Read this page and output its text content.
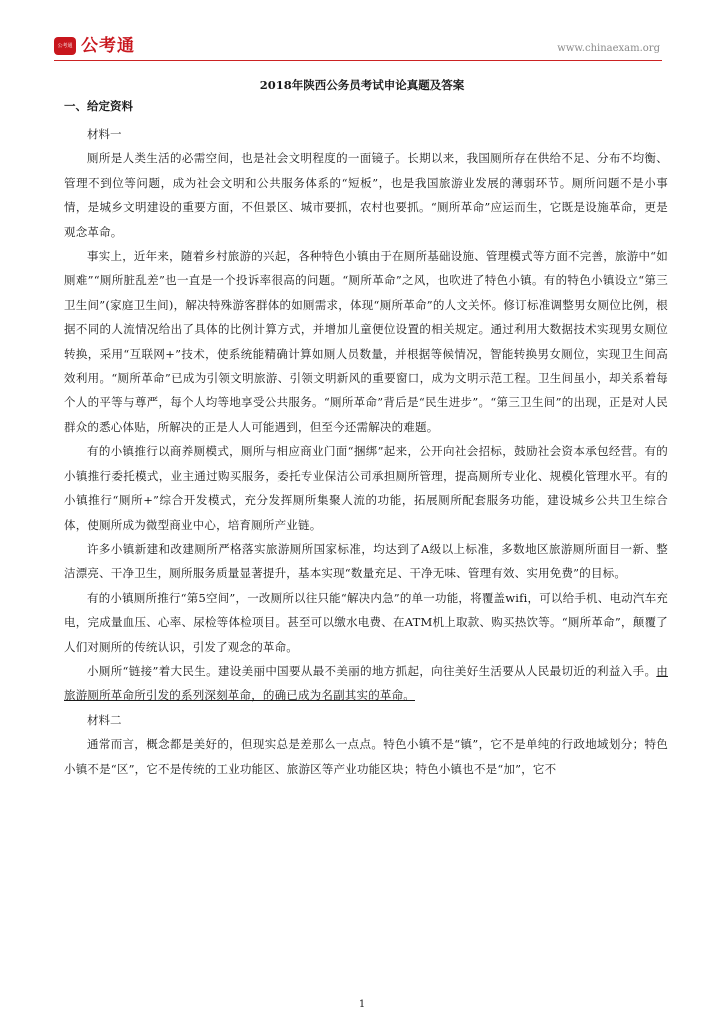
公考通 公考通	www.chinaexam.org
2018年陕西公务员考试申论真题及答案
一、给定资料

材料一

厕所是人类生活的必需空间，也是社会文明程度的一面镜子。长期以来，我国厕所存在供给不足、分布不均衡、管理不到位等问题，成为社会文明和公共服务体系的“短板”，也是我国旅游业发展的薄弱环节。厕所问题不是小事情，是城乡文明建设的重要方面，不但景区、城市要抓，农村也要抓。“厕所革命”应运而生，它既是设施革命，更是观念革命。

事实上，近年来，随着乡村旅游的兴起，各种特色小镇由于在厕所基础设施、管理模式等方面不完善，旅游中“如厕难”“厕所脏乱差”也一直是一个投诉率很高的问题。“厕所革命”之风，也吹进了特色小镇。有的特色小镇设立“第三卫生间”(家庭卫生间)，解决特殊游客群体的如厕需求，体现“厕所革命”的人文关怀。修订标准调整男女厕位比例，根据不同的人流情况给出了具体的比例计算方式，并增加儿童便位设置的相关规定。通过利用大数据技术实现男女厕位转换，采用“互联网+”技术，使系统能精确计算如厕人员数量，并根据等候情况，智能转换男女厕位，实现卫生间高效利用。“厕所革命”已成为引领文明旅游、引领文明新风的重要窗口，成为文明示范工程。卫生间虽小，却关系着每个人的平等与尊严，每个人均等地享受公共服务。“厕所革命”背后是“民生进步”。“第三卫生间”的出现，正是对人民群众的悉心体贴，所解决的正是人人可能遇到，但至今还需解决的难题。

有的小镇推行以商养厕模式，厕所与相应商业门面“捆绑”起来，公开向社会招标，鼓励社会资本承包经营。有的小镇推行委托模式，业主通过购买服务，委托专业保洁公司承担厕所管理，提高厕所专业化、规模化管理水平。有的小镇推行“厕所+”综合开发模式，充分发挥厕所集聚人流的功能，拓展厕所配套服务功能，建设城乡公共卫生综合体，使厕所成为微型商业中心，培育厕所产业链。

许多小镇新建和改建厕所严格落实旅游厕所国家标准，均达到了A级以上标准，多数地区旅游厕所面目一新、整洁漂亮、干净卫生，厕所服务质量显著提升，基本实现“数量充足、干净无味、管理有效、实用免费”的目标。

有的小镇厕所推行“第5空间”，一改厕所以往只能“解决内急”的单一功能，将覆盖wifi，可以给手机、电动汽车充电，完成量血压、心率、尿检等体检项目。甚至可以缴水电费、在ATM机上取款、购买热饮等。“厕所革命”，颠覆了人们对厕所的传统认识，引发了观念的革命。

小厕所“链接”着大民生。建设美丽中国要从最不美丽的地方抓起，向往美好生活要从人民最切近的利益入手。由旅游厕所革命所引发的系列深刻革命，的确已成为名副其实的革命。

材料二

通常而言，概念都是美好的，但现实总是差那么一点点。特色小镇不是“镇”，它不是单纯的行政地域划分；特色小镇不是“区”，它不是传统的工业功能区、旅游区等产业功能区块；特色小镇也不是“加”，它不

1
